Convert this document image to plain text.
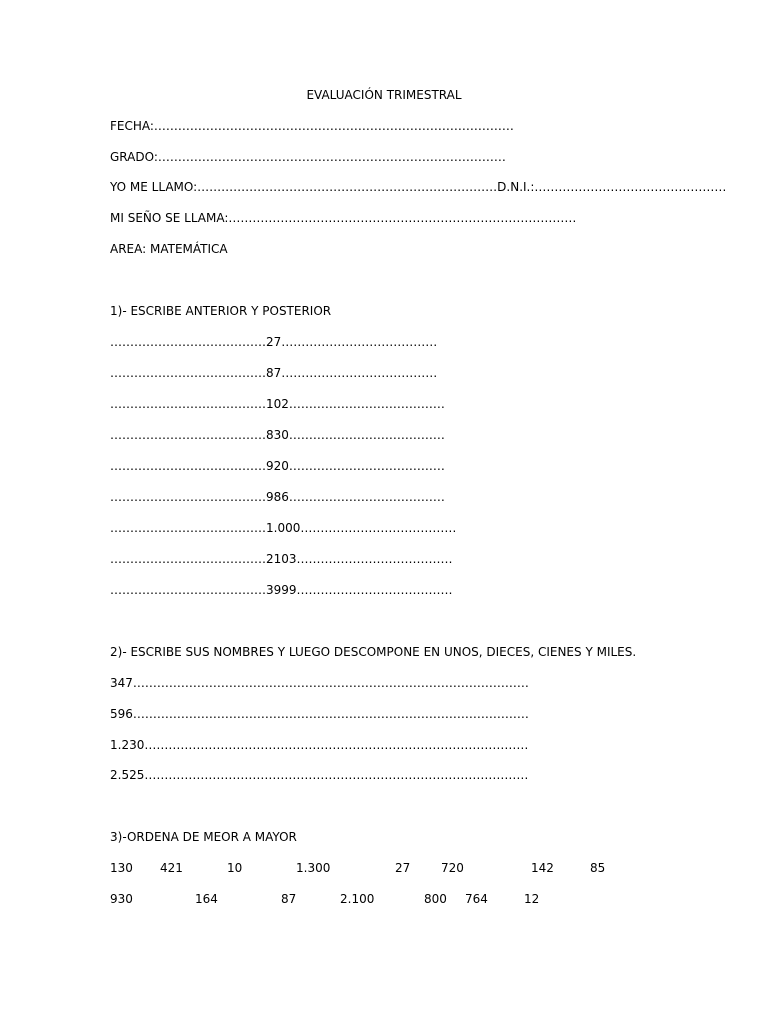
EVALUACIÓN TRIMESTRAL
FECHA:………………………………………………………………………………
GRADO:……………………………………………………………………………
YO ME LLAMO:…………………………………………………………………D.N.I.:…………………………………………
MI SEÑO SE LLAMA:……………………………………………………………………………
AREA: MATEMÁTICA
1)- ESCRIBE ANTERIOR Y POSTERIOR
…………………………………27…………………………………
…………………………………87…………………………………
…………………………………102…………………………………
…………………………………830…………………………………
…………………………………920…………………………………
…………………………………986…………………………………
…………………………………1.000…………………………………
…………………………………2103…………………………………
…………………………………3999…………………………………
2)- ESCRIBE SUS NOMBRES Y LUEGO DESCOMPONE EN UNOS, DIECES, CIENES Y MILES.
347………………………………………………………………………………………
596………………………………………………………………………………………
1.230……………………………………………………………………………………
2.525……………………………………………………………………………………
3)-ORDENA DE MEOR A MAYOR
130 421	10	1.300	27	720	142	85
930	164	87	2.100	800 764	12
